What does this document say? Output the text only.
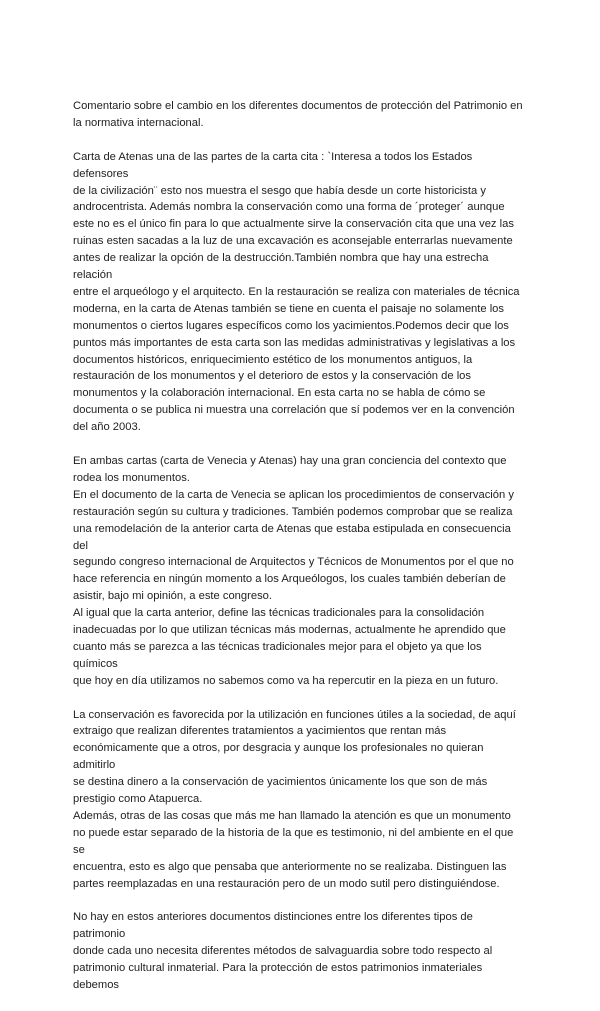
Comentario sobre el cambio en los diferentes documentos de protección del Patrimonio en
la normativa internacional.

Carta de Atenas una de las partes de la carta cita : `Interesa a todos los Estados defensores
de la civilización¨ esto nos muestra el sesgo que había desde un corte historicista y
androcentrista. Además nombra la conservación como una forma de ´proteger´ aunque
este no es el único fin para lo que actualmente sirve la conservación cita que una vez las
ruinas esten sacadas a la luz de una excavación es aconsejable enterrarlas nuevamente
antes de realizar la opción de la destrucción.También nombra que hay una estrecha relación
entre el arqueólogo y el arquitecto. En la restauración se realiza con materiales de técnica
moderna, en la carta de Atenas también se tiene en cuenta el paisaje no solamente los
monumentos o ciertos lugares específicos como los yacimientos.Podemos decir que los
puntos más importantes de esta carta son las medidas administrativas y legislativas a los
documentos históricos, enriquecimiento estético de los monumentos antiguos, la
restauración de los monumentos y el deterioro de estos y la conservación de los
monumentos y la colaboración internacional. En esta carta no se habla de cómo se
documenta o se publica ni muestra una correlación que sí podemos ver en la convención
del año 2003.

En ambas cartas (carta de Venecia y Atenas) hay una gran conciencia del contexto que
rodea los monumentos.
En el documento de la carta de Venecia se aplican los procedimientos de conservación y
restauración según su cultura y tradiciones. También podemos comprobar que se realiza
una remodelación de la anterior carta de Atenas que estaba estipulada en consecuencia del
segundo congreso internacional de Arquitectos y Técnicos de Monumentos por el que no
hace referencia en ningún momento a los Arqueólogos, los cuales también deberían de
asistir, bajo mi opinión, a este congreso.
Al igual que la carta anterior, define las técnicas tradicionales para la consolidación
inadecuadas por lo que utilizan técnicas más modernas, actualmente he aprendido que
cuanto más se parezca a las técnicas tradicionales mejor para el objeto ya que los químicos
que hoy en día utilizamos no sabemos como va ha repercutir en la pieza en un futuro.

La conservación es favorecida por la utilización en funciones útiles a la sociedad, de aquí
extraigo que realizan diferentes tratamientos a yacimientos que rentan más
económicamente que a otros, por desgracia y aunque los profesionales no quieran admitirlo
se destina dinero a la conservación de yacimientos únicamente los que son de más
prestigio como Atapuerca.
Además, otras de las cosas que más me han llamado la atención es que un monumento
no puede estar separado de la historia de la que es testimonio, ni del ambiente en el que se
encuentra, esto es algo que pensaba que anteriormente no se realizaba. Distinguen las
partes reemplazadas en una restauración pero de un modo sutil pero distinguiéndose.

No hay en estos anteriores documentos distinciones entre los diferentes tipos de patrimonio
donde cada uno necesita diferentes métodos de salvaguardia sobre todo respecto al
patrimonio cultural inmaterial. Para la protección de estos patrimonios inmateriales debemos
